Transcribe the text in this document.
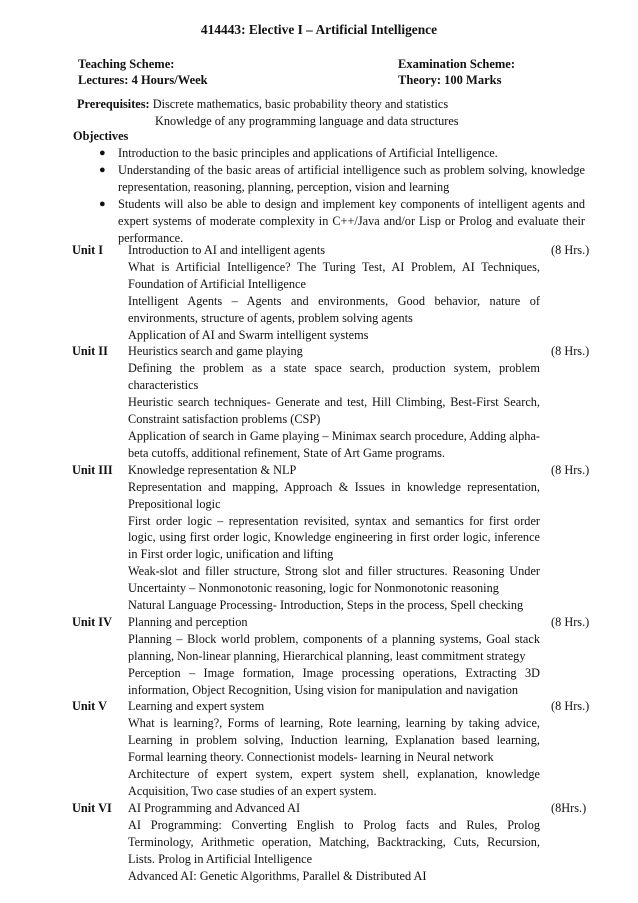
414443: Elective I – Artificial Intelligence
Teaching Scheme:
Lectures: 4 Hours/Week
Examination Scheme:
Theory: 100 Marks
Prerequisites: Discrete mathematics, basic probability theory and statistics
Knowledge of any programming language and data structures
Objectives
● Introduction to the basic principles and applications of Artificial Intelligence.
● Understanding of the basic areas of artificial intelligence such as problem solving, knowledge representation, reasoning, planning, perception, vision and learning
● Students will also be able to design and implement key components of intelligent agents and expert systems of moderate complexity in C++/Java and/or Lisp or Prolog and evaluate their performance.
Unit I	(8 Hrs.)
Introduction to AI and intelligent agents
What is Artificial Intelligence? The Turing Test, AI Problem, AI Techniques, Foundation of Artificial Intelligence
Intelligent Agents – Agents and environments, Good behavior, nature of environments, structure of agents, problem solving agents
Application of AI and Swarm intelligent systems
Unit II	(8 Hrs.)
Heuristics search and game playing
Defining the problem as a state space search, production system, problem characteristics
Heuristic search techniques- Generate and test, Hill Climbing, Best-First Search, Constraint satisfaction problems (CSP)
Application of search in Game playing – Minimax search procedure, Adding alpha-beta cutoffs, additional refinement, State of Art Game programs.
Unit III	(8 Hrs.)
Knowledge representation & NLP
Representation and mapping, Approach & Issues in knowledge representation, Prepositional logic
First order logic – representation revisited, syntax and semantics for first order logic, using first order logic, Knowledge engineering in first order logic, inference in First order logic, unification and lifting
Weak-slot and filler structure, Strong slot and filler structures. Reasoning Under Uncertainty – Nonmonotonic reasoning, logic for Nonmonotonic reasoning
Natural Language Processing- Introduction, Steps in the process, Spell checking
Unit IV	(8 Hrs.)
Planning and perception
Planning – Block world problem, components of a planning systems, Goal stack planning, Non-linear planning, Hierarchical planning, least commitment strategy
Perception – Image formation, Image processing operations, Extracting 3D information, Object Recognition, Using vision for manipulation and navigation
Unit V	(8 Hrs.)
Learning and expert system
What is learning?, Forms of learning, Rote learning, learning by taking advice, Learning in problem solving, Induction learning, Explanation based learning, Formal learning theory. Connectionist models- learning in Neural network
Architecture of expert system, expert system shell, explanation, knowledge Acquisition, Two case studies of an expert system.
Unit VI	(8Hrs.)
AI Programming and Advanced AI
AI Programming: Converting English to Prolog facts and Rules, Prolog Terminology, Arithmetic operation, Matching, Backtracking, Cuts, Recursion, Lists. Prolog in Artificial Intelligence
Advanced AI: Genetic Algorithms, Parallel & Distributed AI
